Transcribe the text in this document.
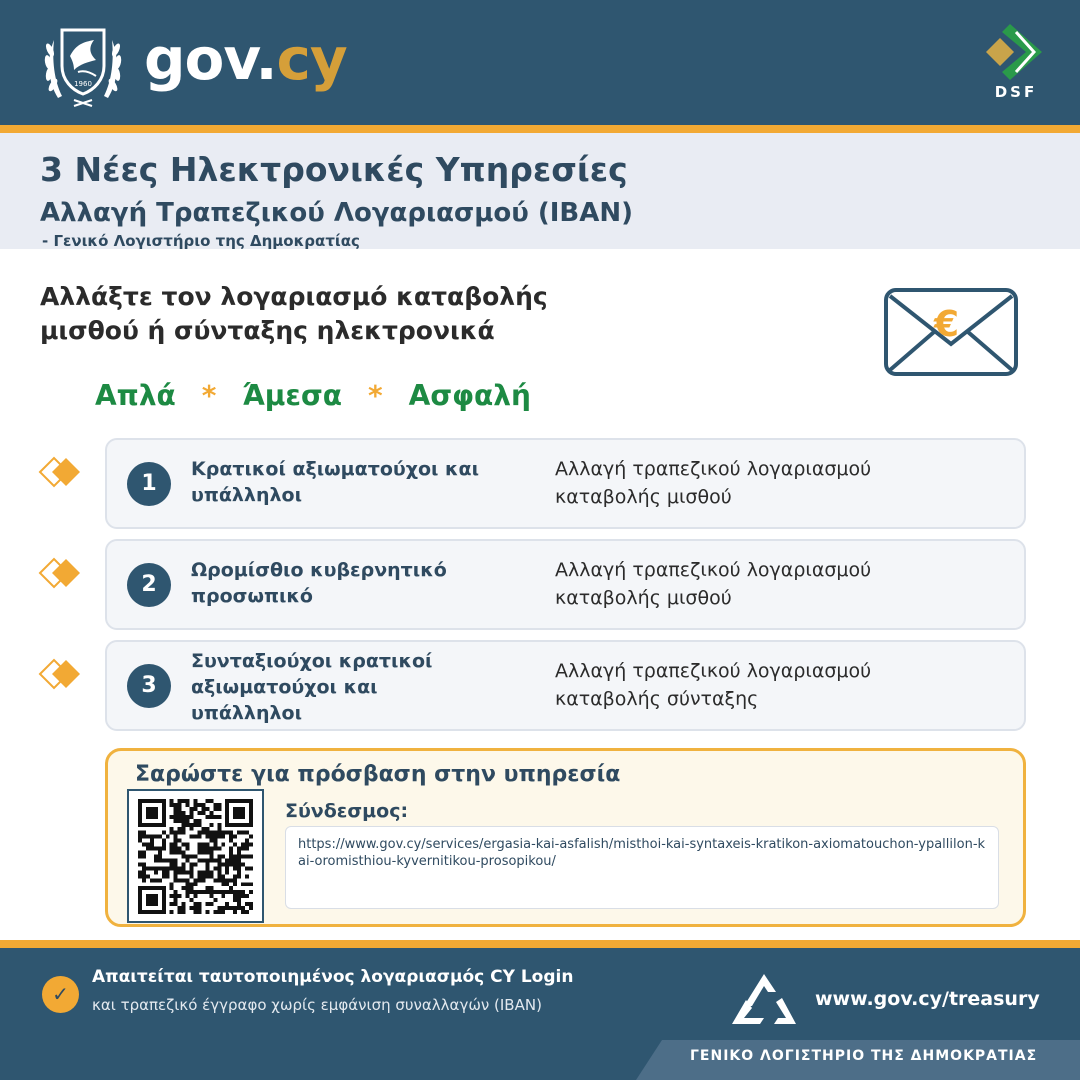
1960 gov.cy	DSF
3 Νέες Ηλεκτρονικές Υπηρεσίες
Αλλαγή Τραπεζικού Λογαριασμού (IBAN)
- Γενικό Λογιστήριο της Δημοκρατίας
Αλλάξτε τον λογαριασμό καταβολής
μισθού ή σύνταξης ηλεκτρονικά	€
Απλά * Άμεσα * Ασφαλή
1
Κρατικοί αξιωματούχοι και υπάλληλοι
Αλλαγή τραπεζικού λογαριασμού
καταβολής μισθού
2
Ωρομίσθιο κυβερνητικό προσωπικό
Αλλαγή τραπεζικού λογαριασμού
καταβολής μισθού
3
Συνταξιούχοι κρατικοί αξιωματούχοι και υπάλληλοι
Αλλαγή τραπεζικού λογαριασμού
καταβολής σύνταξης
Σαρώστε για πρόσβαση στην υπηρεσία
Σύνδεσμος:
https://www.gov.cy/services/ergasia-kai-asfalish/misthoi-kai-syntaxeis-kratikon-axiomatouchon-ypallilon-kai-oromisthiou-kyvernitikou-prosopikou/
✓
Απαιτείται ταυτοποιημένος λογαριασμός CY Login
και τραπεζικό έγγραφο χωρίς εμφάνιση συναλλαγών (IBAN)	www.gov.cy/treasury
ΓΕΝΙΚΟ ΛΟΓΙΣΤΗΡΙΟ ΤΗΣ ΔΗΜΟΚΡΑΤΙΑΣ
